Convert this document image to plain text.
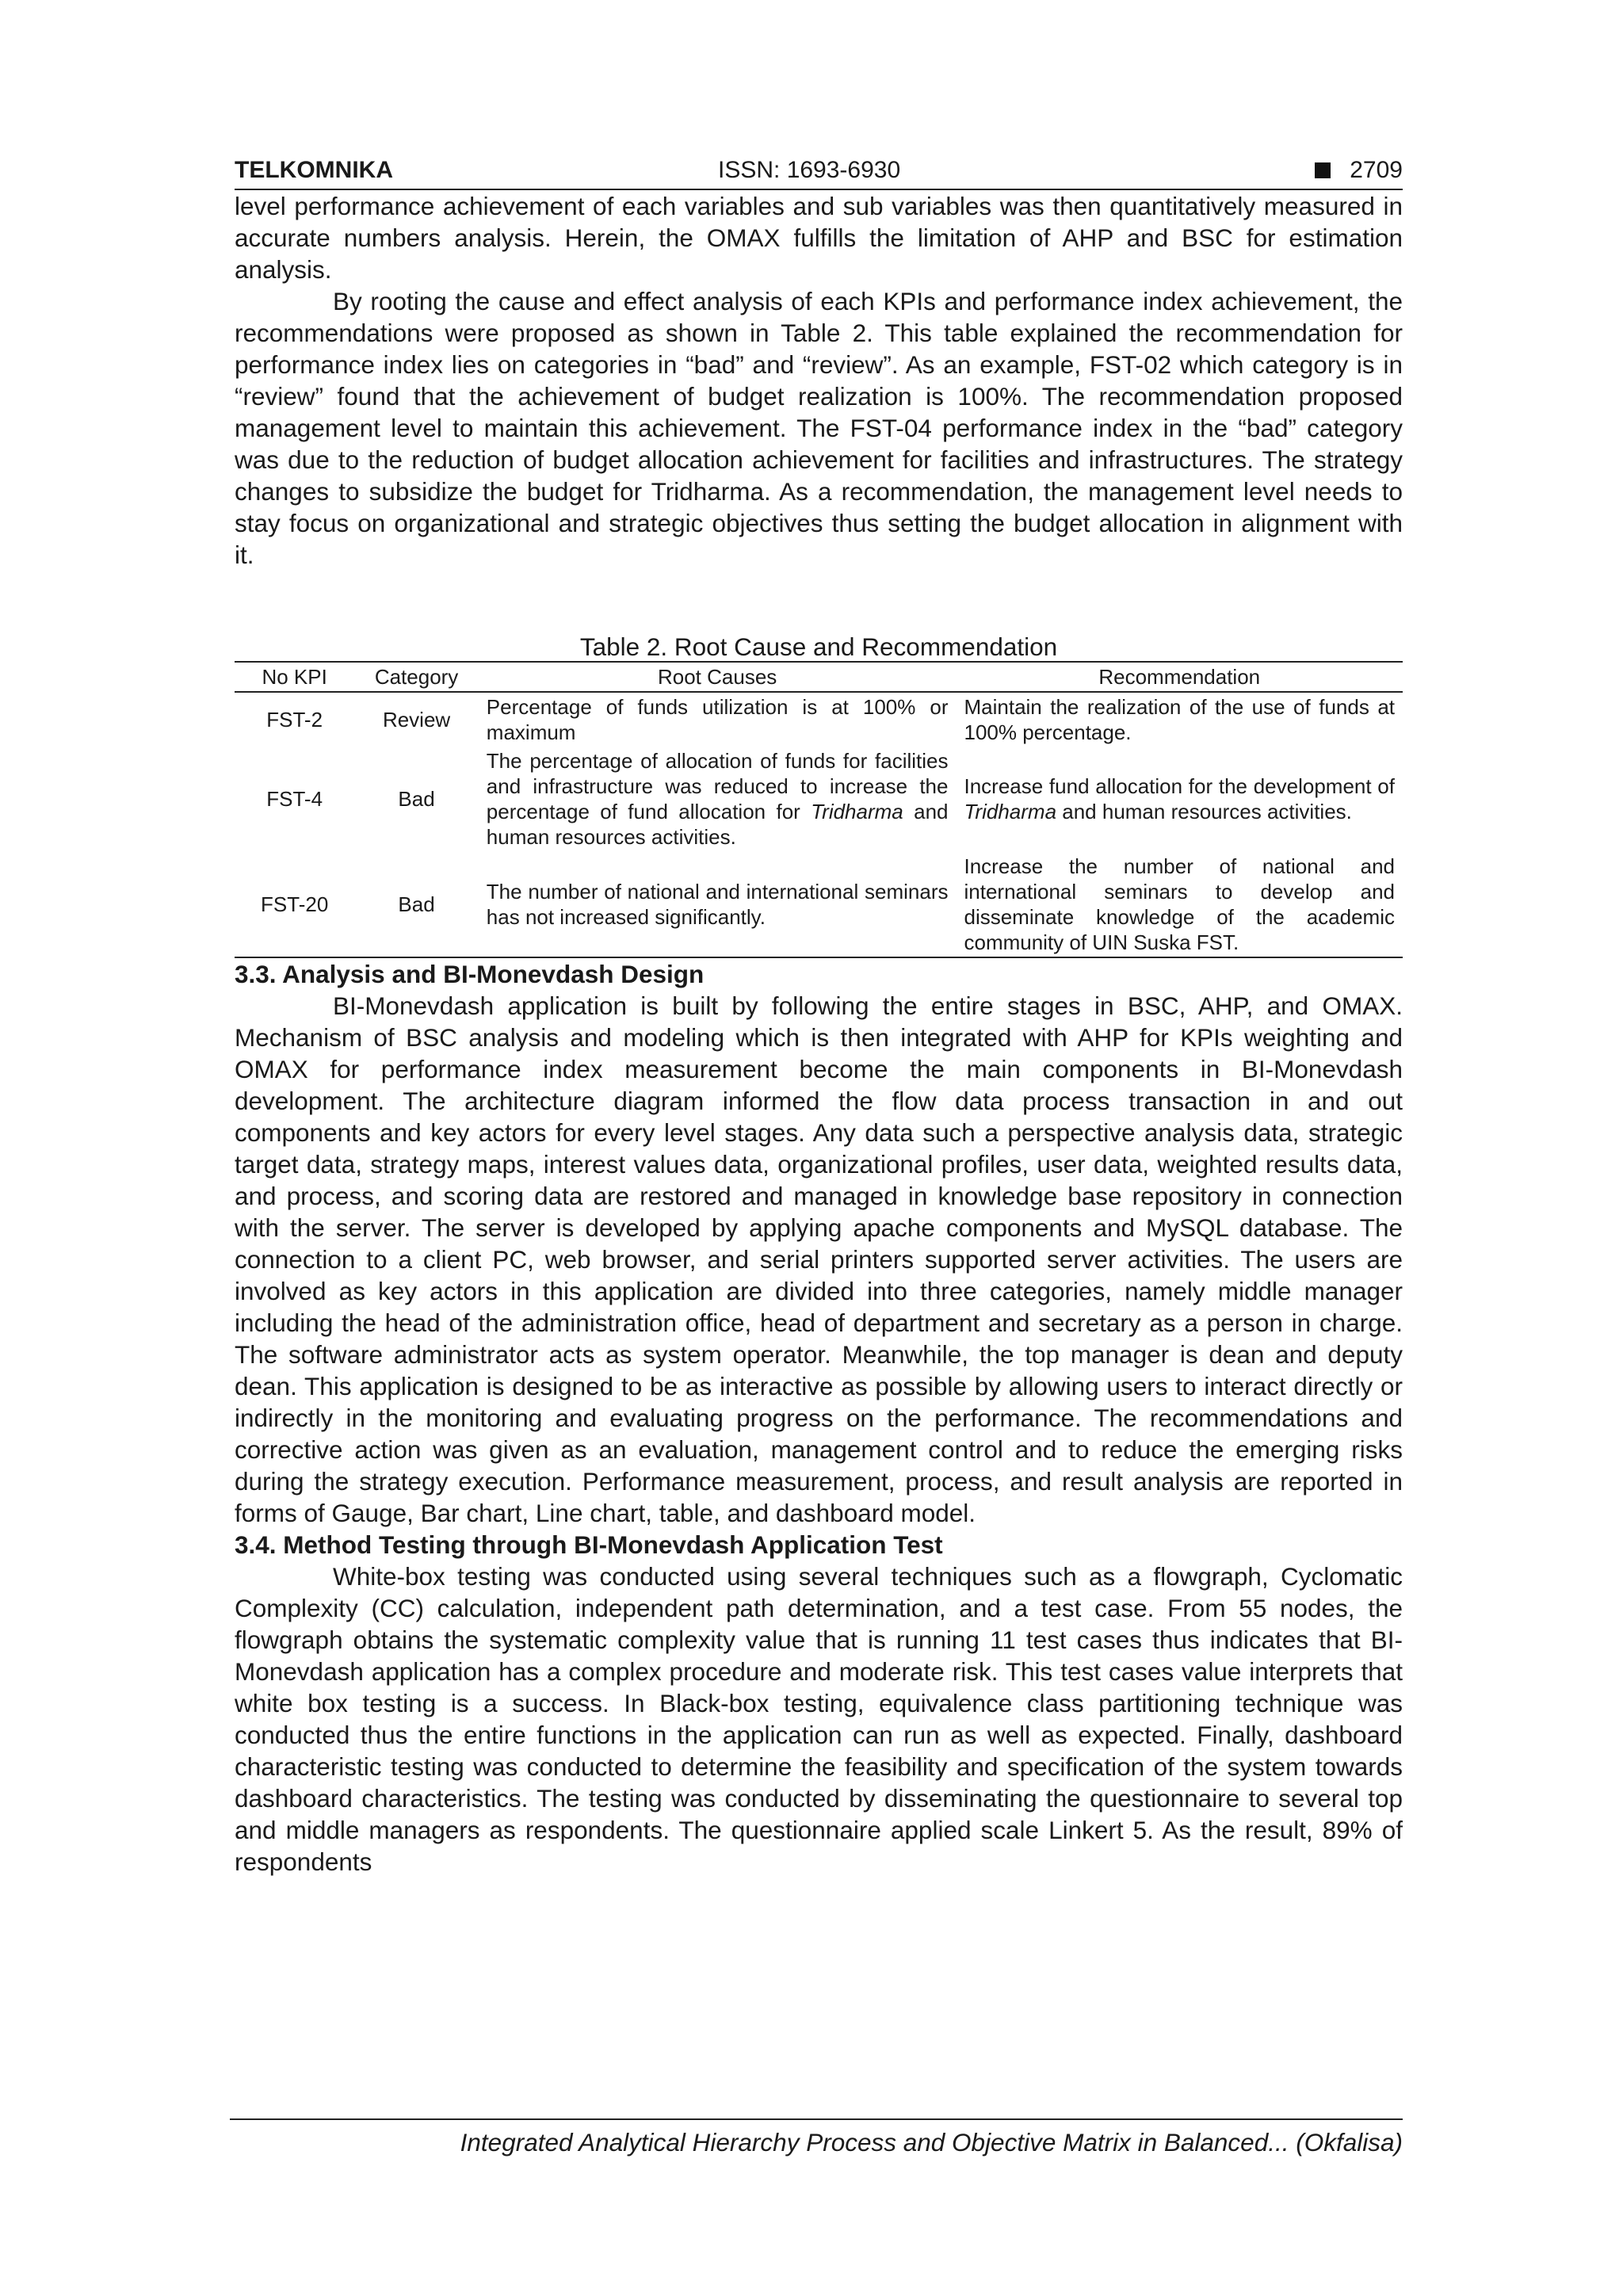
TELKOMNIKA	ISSN: 1693-6930	2709

level performance achievement of each variables and sub variables was then quantitatively measured in accurate numbers analysis. Herein, the OMAX fulfills the limitation of AHP and BSC for estimation analysis.

By rooting the cause and effect analysis of each KPIs and performance index achievement, the recommendations were proposed as shown in Table 2. This table explained the recommendation for performance index lies on categories in “bad” and “review”. As an example, FST-02 which category is in “review” found that the achievement of budget realization is 100%. The recommendation proposed management level to maintain this achievement. The FST-04 performance index in the “bad” category was due to the reduction of budget allocation achievement for facilities and infrastructures. The strategy changes to subsidize the budget for Tridharma. As a recommendation, the management level needs to stay focus on organizational and strategic objectives thus setting the budget allocation in alignment with it.

Table 2. Root Cause and Recommendation
No KPI	Category	Root Causes	Recommendation
FST-2	Review	Percentage of funds utilization is at 100% or maximum	Maintain the realization of the use of funds at 100% percentage.
FST-4	Bad	The percentage of allocation of funds for facilities and infrastructure was reduced to increase the percentage of fund allocation for Tridharma and human resources activities.	Increase fund allocation for the development of Tridharma and human resources activities.
FST-20	Bad	The number of national and international seminars has not increased significantly.	Increase the number of national and international seminars to develop and disseminate knowledge of the academic community of UIN Suska FST.
3.3. Analysis and BI-Monevdash Design

BI-Monevdash application is built by following the entire stages in BSC, AHP, and OMAX. Mechanism of BSC analysis and modeling which is then integrated with AHP for KPIs weighting and OMAX for performance index measurement become the main components in BI-Monevdash development. The architecture diagram informed the flow data process transaction in and out components and key actors for every level stages. Any data such a perspective analysis data, strategic target data, strategy maps, interest values data, organizational profiles, user data, weighted results data, and process, and scoring data are restored and managed in knowledge base repository in connection with the server. The server is developed by applying apache components and MySQL database. The connection to a client PC, web browser, and serial printers supported server activities. The users are involved as key actors in this application are divided into three categories, namely middle manager including the head of the administration office, head of department and secretary as a person in charge. The software administrator acts as system operator. Meanwhile, the top manager is dean and deputy dean. This application is designed to be as interactive as possible by allowing users to interact directly or indirectly in the monitoring and evaluating progress on the performance. The recommendations and corrective action was given as an evaluation, management control and to reduce the emerging risks during the strategy execution. Performance measurement, process, and result analysis are reported in forms of Gauge, Bar chart, Line chart, table, and dashboard model.

3.4. Method Testing through BI-Monevdash Application Test

White-box testing was conducted using several techniques such as a flowgraph, Cyclomatic Complexity (CC) calculation, independent path determination, and a test case. From 55 nodes, the flowgraph obtains the systematic complexity value that is running 11 test cases thus indicates that BI-Monevdash application has a complex procedure and moderate risk. This test cases value interprets that white box testing is a success. In Black-box testing, equivalence class partitioning technique was conducted thus the entire functions in the application can run as well as expected. Finally, dashboard characteristic testing was conducted to determine the feasibility and specification of the system towards dashboard characteristics. The testing was conducted by disseminating the questionnaire to several top and middle managers as respondents. The questionnaire applied scale Linkert 5. As the result, 89% of respondents

Integrated Analytical Hierarchy Process and Objective Matrix in Balanced... (Okfalisa)
